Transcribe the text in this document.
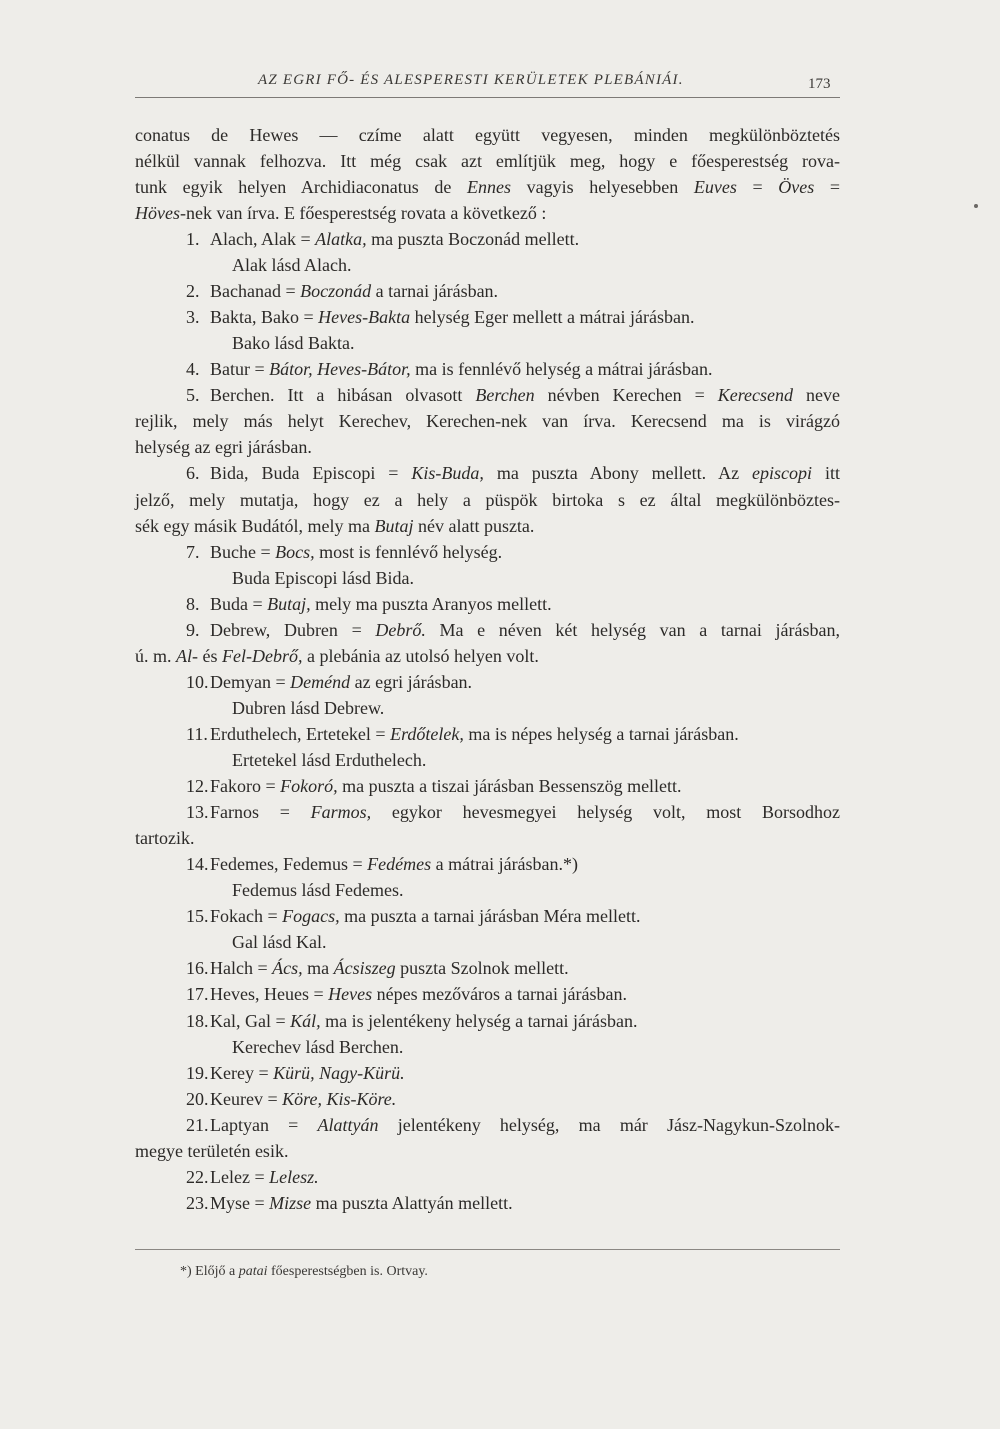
AZ EGRI FŐ- ÉS ALESPERESTI KERÜLETEK PLEBÁNIÁI.	173
conatus de Hewes — czíme alatt együtt vegyesen, minden megkülönböztetés
nélkül vannak felhozva. Itt még csak azt említjük meg, hogy e főesperestség rova-
tunk egyik helyen Archidiaconatus de Ennes vagyis helyesebben Euves = Öves =
Höves-nek van írva. E főesperestség rovata a következő :
1. Alach, Alak = Alatka, ma puszta Boczonád mellett.
Alak lásd Alach.
2. Bachanad = Boczonád a tarnai járásban.
3. Bakta, Bako = Heves-Bakta helység Eger mellett a mátrai járásban.
Bako lásd Bakta.
4. Batur = Bátor, Heves-Bátor, ma is fennlévő helység a mátrai járásban.
5. Berchen. Itt a hibásan olvasott Berchen névben Kerechen = Kerecsend neve
rejlik, mely más helyt Kerechev, Kerechen-nek van írva. Kerecsend ma is virágzó
helység az egri járásban.
6. Bida, Buda Episcopi = Kis-Buda, ma puszta Abony mellett. Az episcopi itt
jelző, mely mutatja, hogy ez a hely a püspök birtoka s ez által megkülönböztes-
sék egy másik Budától, mely ma Butaj név alatt puszta.
7. Buche = Bocs, most is fennlévő helység.
Buda Episcopi lásd Bida.
8. Buda = Butaj, mely ma puszta Aranyos mellett.
9. Debrew, Dubren = Debrő. Ma e néven két helység van a tarnai járásban,
ú. m. Al- és Fel-Debrő, a plebánia az utolsó helyen volt.
10.Demyan = Deménd az egri járásban.
Dubren lásd Debrew.
11. Erduthelech, Ertetekel = Erdőtelek, ma is népes helység a tarnai járásban.
Ertetekel lásd Erduthelech.
12.Fakoro = Fokoró, ma puszta a tiszai járásban Bessenszög mellett.
13.Farnos = Farmos, egykor hevesmegyei helység volt, most Borsodhoz
tartozik.
14.Fedemes, Fedemus = Fedémes a mátrai járásban.*)
Fedemus lásd Fedemes.
15.Fokach = Fogacs, ma puszta a tarnai járásban Méra mellett.
Gal lásd Kal.
16.Halch = Ács, ma Ácsiszeg puszta Szolnok mellett.
17.Heves, Heues = Heves népes mezőváros a tarnai járásban.
18.Kal, Gal = Kál, ma is jelentékeny helység a tarnai járásban.
Kerechev lásd Berchen.
19.Kerey = Kürü, Nagy-Kürü.
20.Keurev = Köre, Kis-Köre.
21.Laptyan = Alattyán jelentékeny helység, ma már Jász-Nagykun-Szolnok-
megye területén esik.
22.Lelez = Lelesz.
23.Myse = Mizse ma puszta Alattyán mellett.
*) Előjő a patai főesperestségben is. Ortvay.
